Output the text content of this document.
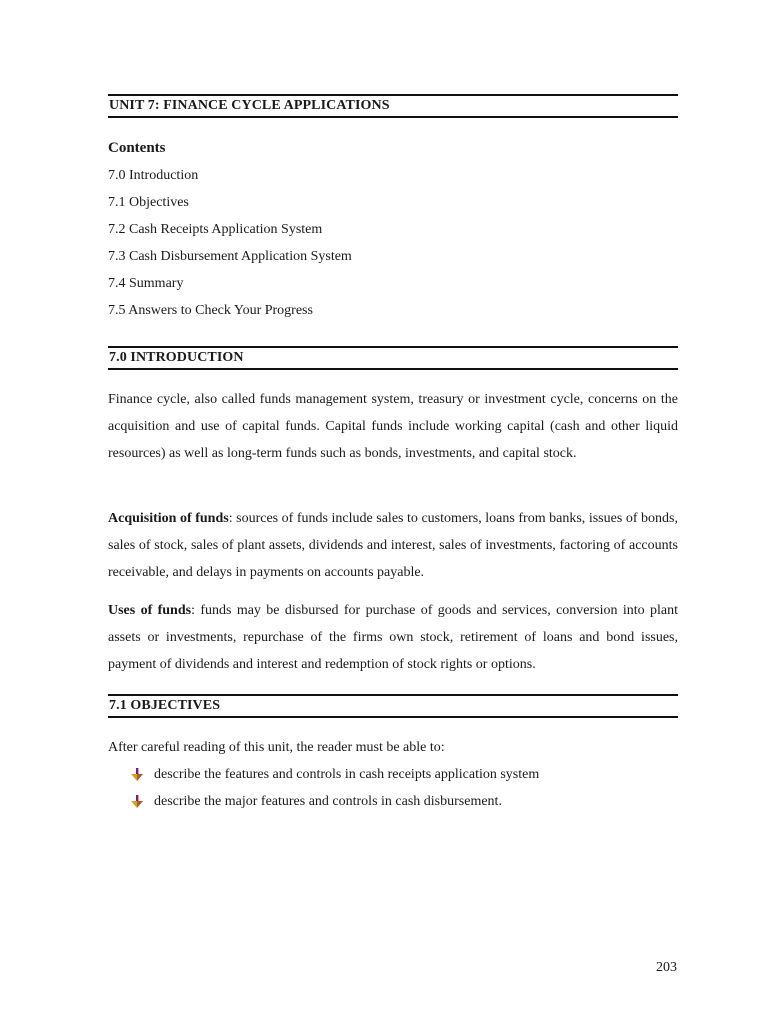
UNIT 7: FINANCE CYCLE APPLICATIONS
Contents
7.0 Introduction
7.1 Objectives
7.2 Cash Receipts Application System
7.3 Cash Disbursement Application System
7.4 Summary
7.5 Answers to Check Your Progress
7.0 INTRODUCTION
Finance cycle, also called funds management system, treasury or investment cycle, concerns on the acquisition and use of capital funds. Capital funds include working capital (cash and other liquid resources) as well as long-term funds such as bonds, investments, and capital stock.
Acquisition of funds: sources of funds include sales to customers, loans from banks, issues of bonds, sales of stock, sales of plant assets, dividends and interest, sales of investments, factoring of accounts receivable, and delays in payments on accounts payable.
Uses of funds: funds may be disbursed for purchase of goods and services, conversion into plant assets or investments, repurchase of the firms own stock, retirement of loans and bond issues, payment of dividends and interest and redemption of stock rights or options.
7.1 OBJECTIVES
After careful reading of this unit, the reader must be able to:
describe the features and controls in cash receipts application system
describe the major features and controls in cash disbursement.
203
